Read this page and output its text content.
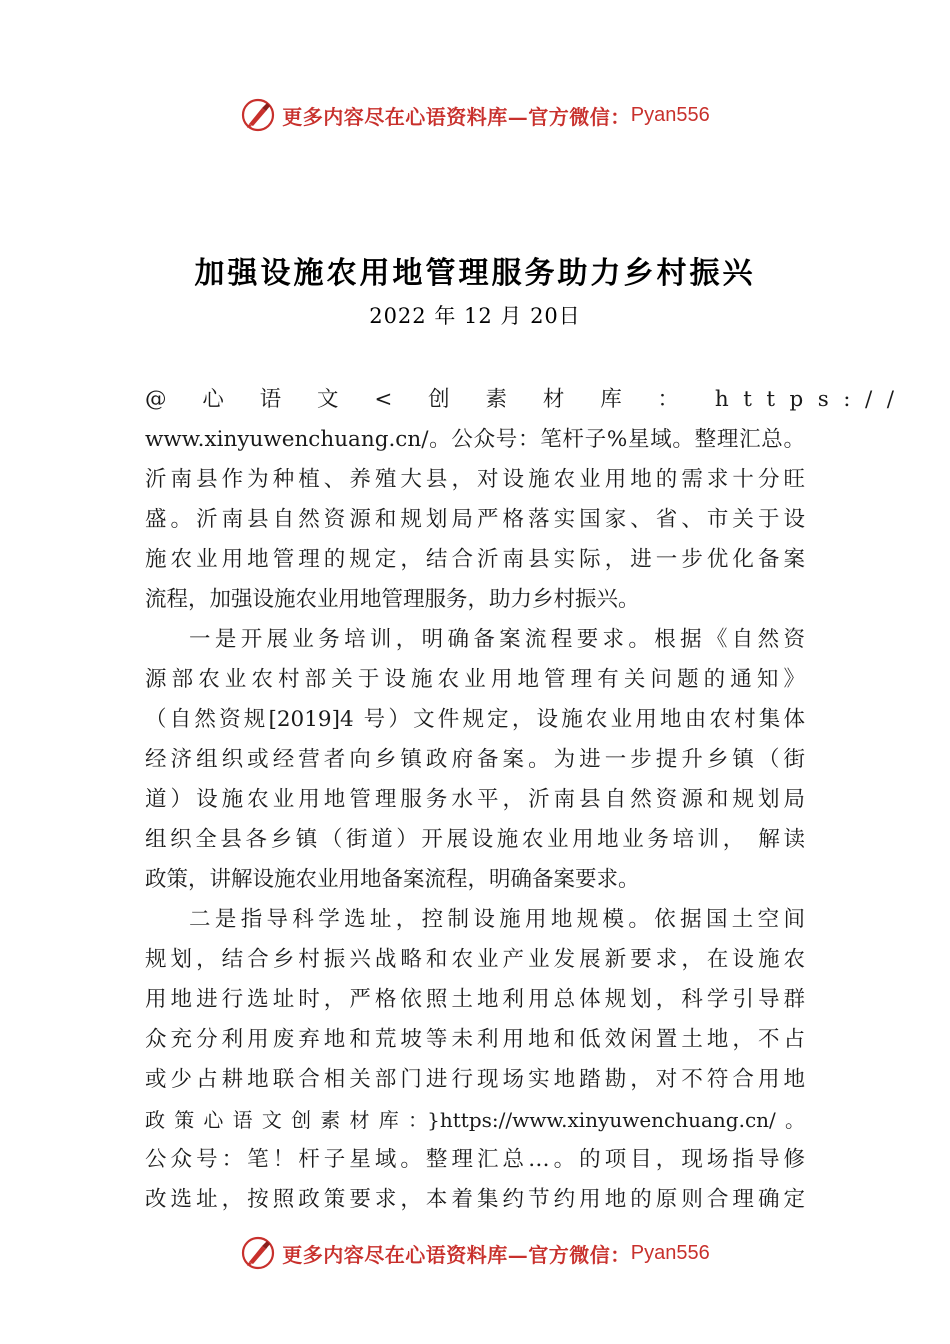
更多内容尽在心语资料库—官方微信： Pyan556
加强设施农用地管理服务助力乡村振兴
2022 年 12 月 20日
@ 心 语 文 < 创 素 材 库 ： https://
www.xinyuwenchuang.cn/。公众号：笔杆子%星域。整理汇总。
沂南县作为种植、养殖大县，对设施农业用地的需求十分旺
盛。沂南县自然资源和规划局严格落实国家、省、市关于设
施农业用地管理的规定，结合沂南县实际，进一步优化备案
流程，加强设施农业用地管理服务，助力乡村振兴。
一是开展业务培训，明确备案流程要求。根据《自然资
源部农业农村部关于设施农业用地管理有关问题的通知》
（自然资规[2019]4 号）文件规定，设施农业用地由农村集体
经济组织或经营者向乡镇政府备案。为进一步提升乡镇（街
道）设施农业用地管理服务水平，沂南县自然资源和规划局
组织全县各乡镇（街道）开展设施农业用地业务培训， 解读
政策，讲解设施农业用地备案流程，明确备案要求。
二是指导科学选址，控制设施用地规模。依据国土空间
规划，结合乡村振兴战略和农业产业发展新要求，在设施农
用地进行选址时，严格依照土地利用总体规划，科学引导群
众充分利用废弃地和荒坡等未利用地和低效闲置土地，不占
或少占耕地联合相关部门进行现场实地踏勘，对不符合用地
政策心语文创素材库：}https://www.xinyuwenchuang.cn/。
公众号：笔！杆子星域。整理汇总…。的项目，现场指导修
改选址，按照政策要求，本着集约节约用地的原则合理确定
更多内容尽在心语资料库—官方微信： Pyan556
